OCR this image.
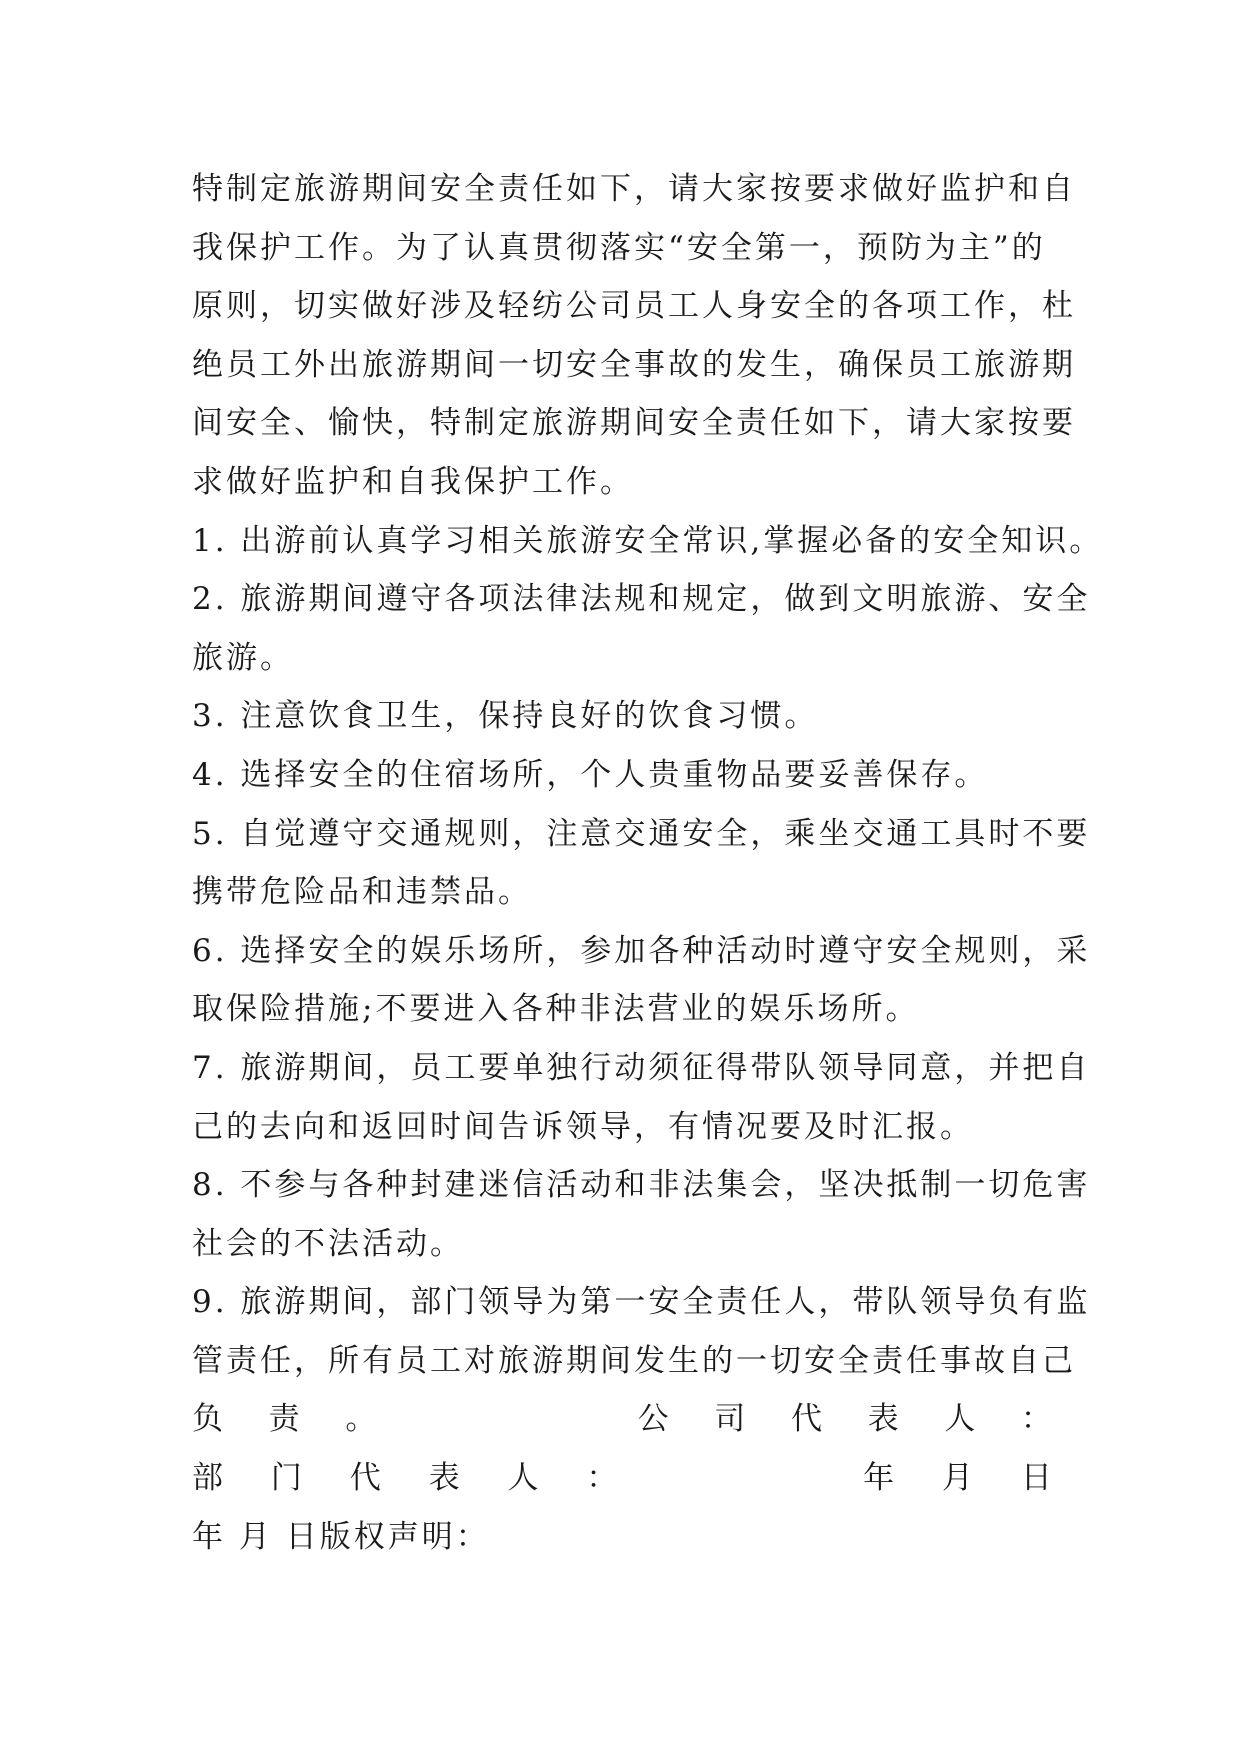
特制定旅游期间安全责任如下，请大家按要求做好监护和自
我保护工作。为了认真贯彻落实“安全第一，预防为主”的
原则，切实做好涉及轻纺公司员工人身安全的各项工作，杜
绝员工外出旅游期间一切安全事故的发生，确保员工旅游期
间安全、愉快，特制定旅游期间安全责任如下，请大家按要
求做好监护和自我保护工作。
1. 出游前认真学习相关旅游安全常识,掌握必备的安全知识。
2. 旅游期间遵守各项法律法规和规定，做到文明旅游、安全
旅游。
3. 注意饮食卫生，保持良好的饮食习惯。
4. 选择安全的住宿场所，个人贵重物品要妥善保存。
5. 自觉遵守交通规则，注意交通安全，乘坐交通工具时不要
携带危险品和违禁品。
6. 选择安全的娱乐场所，参加各种活动时遵守安全规则，采
取保险措施;不要进入各种非法营业的娱乐场所。
7. 旅游期间，员工要单独行动须征得带队领导同意，并把自
己的去向和返回时间告诉领导，有情况要及时汇报。
8. 不参与各种封建迷信活动和非法集会，坚决抵制一切危害
社会的不法活动。
9. 旅游期间，部门领导为第一安全责任人，带队领导负有监
管责任，所有员工对旅游期间发生的一切安全责任事故自己
负 责 。	公 司 代 表 人 ：
部 门 代 表 人 ：	年 月 日
年 月 日版权声明：
